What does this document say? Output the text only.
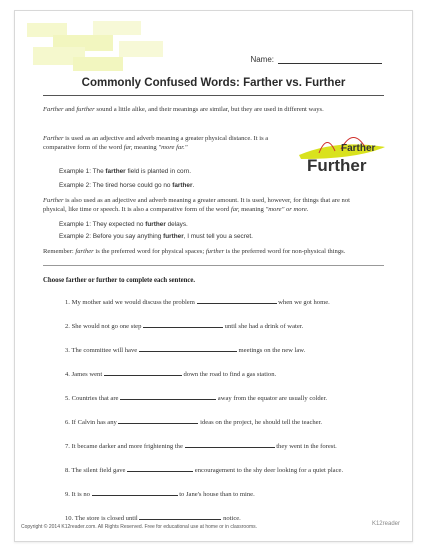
Name:
Commonly Confused Words: Farther vs. Further
Farther and further sound a little alike, and their meanings are similar, but they are used in different ways.
Farther is used as an adjective and adverb meaning a greater physical distance. It is a comparative form of the word far, meaning "more far."	Farther
Further
Example 1: The farther field is planted in corn.
Example 2: The tired horse could go no farther.
Further is also used as an adjective and adverb meaning a greater amount. It is used, however, for things that are not physical, like time or speech. It is also a comparative form of the word far, meaning "more" or more.
Example 1: They expected no further delays.
Example 2: Before you say anything further, I must tell you a secret.
Remember: farther is the preferred word for physical spaces; further is the preferred word for non-physical things.
Choose farther or further to complete each sentence.
1. My mother said we would discuss the problem	when we got home.
2. She would not go one step	until she had a drink of water.
3. The committee will have	meetings on the new law.
4. James went	down the road to find a gas station.
5. Countries that are	away from the equator are usually colder.
6. If Calvin has any	ideas on the project, he should tell the teacher.
7. It became darker and more frightening the	they went in the forest.
8. The silent field gave	encouragement to the shy deer looking for a quiet place.
9. It is no	to Jane's house than to mine.
10. The store is closed until	notice.
Copyright © 2014 K12reader.com. All Rights Reserved. Free for educational use at home or in classrooms.	K12reader
